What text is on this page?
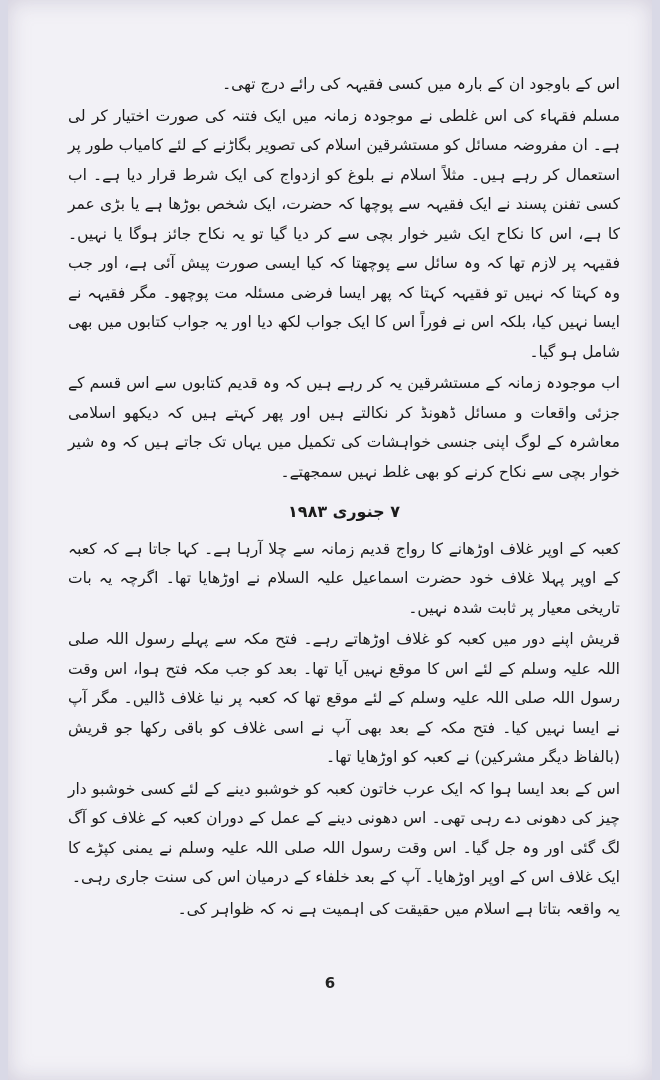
اس کے باوجود ان کے بارہ میں کسی فقیہہ کی رائے درج تھی۔

مسلم فقہاء کی اس غلطی نے موجودہ زمانہ میں ایک فتنہ کی صورت اختیار کر لی ہے۔ ان مفروضہ مسائل کو مستشرقین اسلام کی تصویر بگاڑنے کے لئے کامیاب طور پر استعمال کر رہے ہیں۔ مثلاً اسلام نے بلوغ کو ازدواج کی ایک شرط قرار دیا ہے۔ اب کسی تفنن پسند نے ایک فقیہہ سے پوچھا کہ حضرت، ایک شخص بوڑھا ہے یا بڑی عمر کا ہے، اس کا نکاح ایک شیر خوار بچی سے کر دیا گیا تو یہ نکاح جائز ہوگا یا نہیں۔ فقیہہ پر لازم تھا کہ وہ سائل سے پوچھتا کہ کیا ایسی صورت پیش آئی ہے، اور جب وہ کہتا کہ نہیں تو فقیہہ کہتا کہ پھر ایسا فرضی مسئلہ مت پوچھو۔ مگر فقیہہ نے ایسا نہیں کیا، بلکہ اس نے فوراً اس کا ایک جواب لکھ دیا اور یہ جواب کتابوں میں بھی شامل ہو گیا۔

اب موجودہ زمانہ کے مستشرقین یہ کر رہے ہیں کہ وہ قدیم کتابوں سے اس قسم کے جزئی واقعات و مسائل ڈھونڈ کر نکالتے ہیں اور پھر کہتے ہیں کہ دیکھو اسلامی معاشرہ کے لوگ اپنی جنسی خواہشات کی تکمیل میں یہاں تک جاتے ہیں کہ وہ شیر خوار بچی سے نکاح کرنے کو بھی غلط نہیں سمجھتے۔

۷ جنوری ۱۹۸۳

کعبہ کے اوپر غلاف اوڑھانے کا رواج قدیم زمانہ سے چلا آرہا ہے۔ کہا جاتا ہے کہ کعبہ کے اوپر پہلا غلاف خود حضرت اسماعیل علیہ السلام نے اوڑھایا تھا۔ اگرچہ یہ بات تاریخی معیار پر ثابت شدہ نہیں۔

قریش اپنے دور میں کعبہ کو غلاف اوڑھاتے رہے۔ فتح مکہ سے پہلے رسول اللہ صلی اللہ علیہ وسلم کے لئے اس کا موقع نہیں آیا تھا۔ بعد کو جب مکہ فتح ہوا، اس وقت رسول اللہ صلی اللہ علیہ وسلم کے لئے موقع تھا کہ کعبہ پر نیا غلاف ڈالیں۔ مگر آپ نے ایسا نہیں کیا۔ فتح مکہ کے بعد بھی آپ نے اسی غلاف کو باقی رکھا جو قریش (بالفاظ دیگر مشرکین) نے کعبہ کو اوڑھایا تھا۔

اس کے بعد ایسا ہوا کہ ایک عرب خاتون کعبہ کو خوشبو دینے کے لئے کسی خوشبو دار چیز کی دھونی دے رہی تھی۔ اس دھونی دینے کے عمل کے دوران کعبہ کے غلاف کو آگ لگ گئی اور وہ جل گیا۔ اس وقت رسول اللہ صلی اللہ علیہ وسلم نے یمنی کپڑے کا ایک غلاف اس کے اوپر اوڑھایا۔ آپ کے بعد خلفاء کے درمیان اس کی سنت جاری رہی۔

یہ واقعہ بتاتا ہے اسلام میں حقیقت کی اہمیت ہے نہ کہ ظواہر کی۔

6
